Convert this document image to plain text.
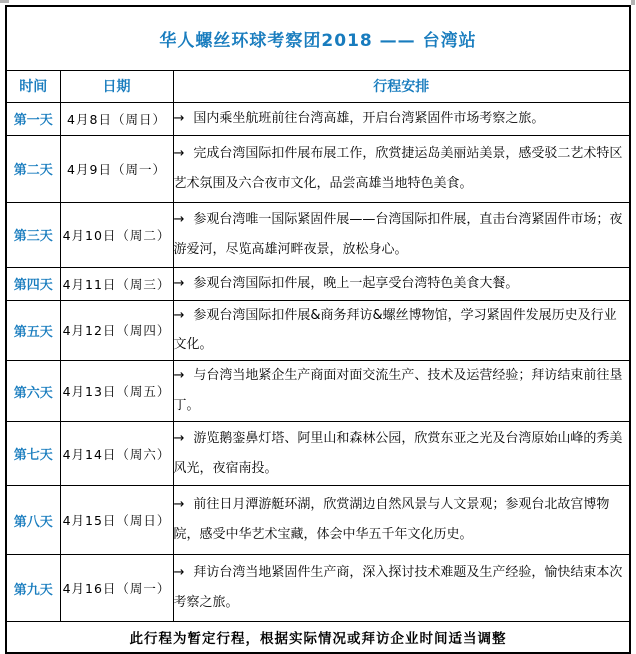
华人螺丝环球考察团2018 —— 台湾站		
时间	日期	行程安排
第一天	4月8日（周日）	→ 国内乘坐航班前往台湾高雄，开启台湾紧固件市场考察之旅。
第二天	4月9日（周一）	→ 完成台湾国际扣件展布展工作，欣赏捷运岛美丽站美景，感受驳二艺术特区艺术氛围及六合夜市文化，品尝高雄当地特色美食。
第三天	4月10日（周二）	→ 参观台湾唯一国际紧固件展——台湾国际扣件展，直击台湾紧固件市场；夜游爱河，尽览高雄河畔夜景，放松身心。
第四天	4月11日（周三）	→ 参观台湾国际扣件展，晚上一起享受台湾特色美食大餐。
第五天	4月12日（周四）	→ 参观台湾国际扣件展&商务拜访&螺丝博物馆，学习紧固件发展历史及行业文化。
第六天	4月13日（周五）	→ 与台湾当地紧企生产商面对面交流生产、技术及运营经验；拜访结束前往垦丁。
第七天	4月14日（周六）	→ 游览鹅銮鼻灯塔、阿里山和森林公园，欣赏东亚之光及台湾原始山峰的秀美风光，夜宿南投。
第八天	4月15日（周日）	→ 前往日月潭游艇环湖，欣赏湖边自然风景与人文景观；参观台北故宫博物院，感受中华艺术宝藏，体会中华五千年文化历史。
第九天	4月16日（周一）	→ 拜访台湾当地紧固件生产商，深入探讨技术难题及生产经验，愉快结束本次考察之旅。
此行程为暂定行程，根据实际情况或拜访企业时间适当调整		
